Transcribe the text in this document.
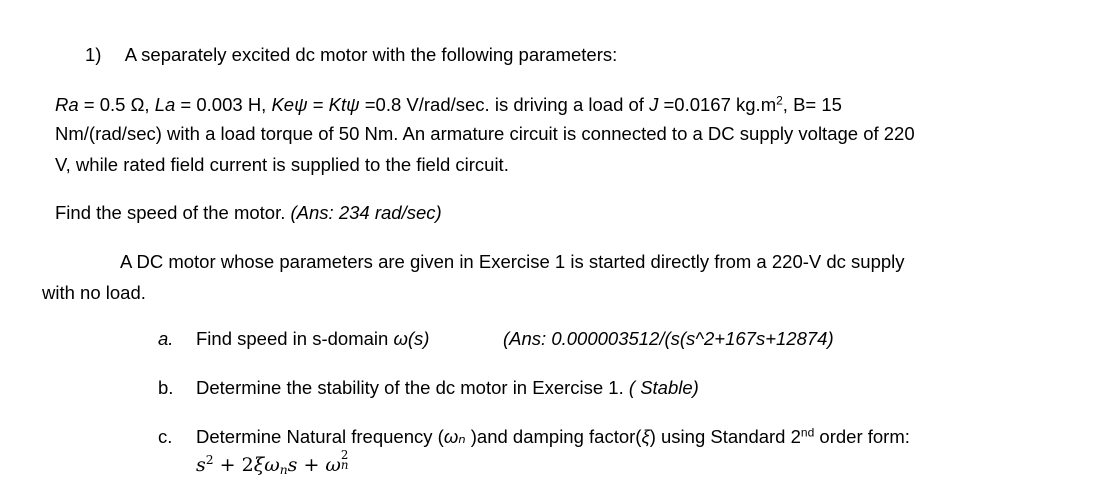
1) A separately excited dc motor with the following parameters:
Ra = 0.5 Ω, La = 0.003 H, Keψ = Ktψ =0.8 V/rad/sec. is driving a load of J =0.0167 $kg.m^2$, B= 15
Nm/(rad/sec) with a load torque of 50 Nm. An armature circuit is connected to a DC supply voltage of 220
V, while rated field current is supplied to the field circuit.
Find the speed of the motor. (Ans: 234 rad/sec)
A DC motor whose parameters are given in Exercise 1 is started directly from a 220-V dc supply
with no load.
a. Find speed in s-domain ω(s)	(Ans: 0.000003512/(s(s^2+167s+12874)
b. Determine the stability of the dc motor in Exercise 1. ( Stable)
c. Determine Natural frequency (ωₙ )and damping factor(ξ) using Standard 2nd order form:
$s^2 + 2\xi\omega_ns + \omega$ 2
n
